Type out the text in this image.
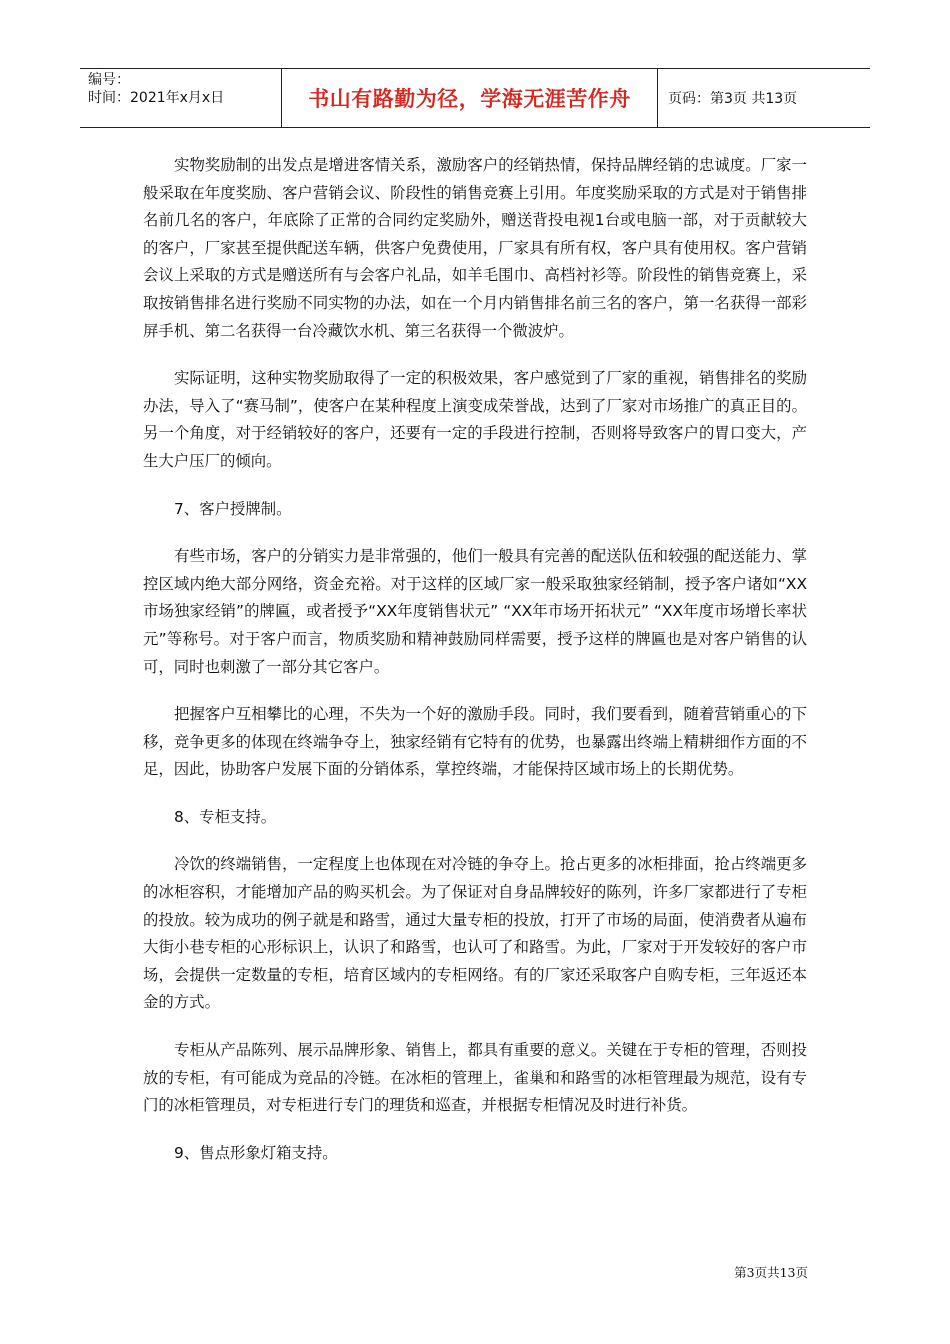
编号：
时间：2021年x月x日	书山有路勤为径，学海无涯苦作舟	页码：第3页 共13页

实物奖励制的出发点是增进客情关系，激励客户的经销热情，保持品牌经销的忠诚度。厂家一般采取在年度奖励、客户营销会议、阶段性的销售竞赛上引用。年度奖励采取的方式是对于销售排名前几名的客户，年底除了正常的合同约定奖励外，赠送背投电视1台或电脑一部，对于贡献较大的客户，厂家甚至提供配送车辆，供客户免费使用，厂家具有所有权，客户具有使用权。客户营销会议上采取的方式是赠送所有与会客户礼品，如羊毛围巾、高档衬衫等。阶段性的销售竞赛上，采取按销售排名进行奖励不同实物的办法，如在一个月内销售排名前三名的客户，第一名获得一部彩屏手机、第二名获得一台冷藏饮水机、第三名获得一个微波炉。

实际证明，这种实物奖励取得了一定的积极效果，客户感觉到了厂家的重视，销售排名的奖励办法，导入了“赛马制”，使客户在某种程度上演变成荣誉战，达到了厂家对市场推广的真正目的。另一个角度，对于经销较好的客户，还要有一定的手段进行控制，否则将导致客户的胃口变大，产生大户压厂的倾向。

7、客户授牌制。

有些市场，客户的分销实力是非常强的，他们一般具有完善的配送队伍和较强的配送能力、掌控区域内绝大部分网络，资金充裕。对于这样的区域厂家一般采取独家经销制，授予客户诸如“XX市场独家经销”的牌匾，或者授予“XX年度销售状元” “XX年市场开拓状元” “XX年度市场增长率状元”等称号。对于客户而言，物质奖励和精神鼓励同样需要，授予这样的牌匾也是对客户销售的认可，同时也刺激了一部分其它客户。

把握客户互相攀比的心理，不失为一个好的激励手段。同时，我们要看到，随着营销重心的下移，竞争更多的体现在终端争夺上，独家经销有它特有的优势，也暴露出终端上精耕细作方面的不足，因此，协助客户发展下面的分销体系，掌控终端，才能保持区域市场上的长期优势。

8、专柜支持。

冷饮的终端销售，一定程度上也体现在对冷链的争夺上。抢占更多的冰柜排面，抢占终端更多的冰柜容积，才能增加产品的购买机会。为了保证对自身品牌较好的陈列，许多厂家都进行了专柜的投放。较为成功的例子就是和路雪，通过大量专柜的投放，打开了市场的局面，使消费者从遍布大街小巷专柜的心形标识上，认识了和路雪，也认可了和路雪。为此，厂家对于开发较好的客户市场，会提供一定数量的专柜，培育区域内的专柜网络。有的厂家还采取客户自购专柜，三年返还本金的方式。

专柜从产品陈列、展示品牌形象、销售上，都具有重要的意义。关键在于专柜的管理，否则投放的专柜，有可能成为竞品的冷链。在冰柜的管理上，雀巢和和路雪的冰柜管理最为规范，设有专门的冰柜管理员，对专柜进行专门的理货和巡查，并根据专柜情况及时进行补货。

9、售点形象灯箱支持。

第3页共13页
